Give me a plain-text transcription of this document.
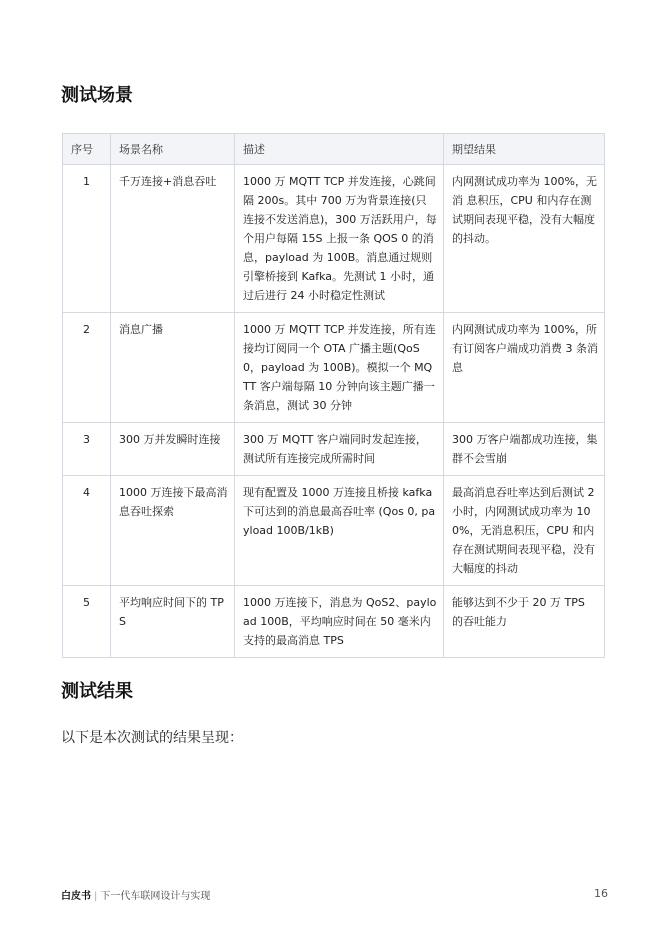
测试场景
序号	场景名称	描述	期望结果
1	千万连接+消息吞吐	1000 万 MQTT TCP 并发连接，心跳间隔 200s。其中 700 万为背景连接(只连接不发送消息)，300 万活跃用户，每个用户每隔 15S 上报一条 QOS 0 的消息，payload 为 100B。消息通过规则引擎桥接到 Kafka。先测试 1 小时，通过后进行 24 小时稳定性测试	内网测试成功率为 100%，无消 息积压，CPU 和内存在测试期间表现平稳，没有大幅度的抖动。
2	消息广播	1000 万 MQTT TCP 并发连接，所有连 接均订阅同一个 OTA 广播主题(QoS 0，payload 为 100B)。模拟一个 MQTT 客户端每隔 10 分钟向该主题广播一条消息，测试 30 分钟	内网测试成功率为 100%，所有订阅客户端成功消费 3 条消息
3	300 万并发瞬时连接	300 万 MQTT 客户端同时发起连接，测试所有连接完成所需时间	300 万客户端都成功连接，集群不会雪崩
4	1000 万连接下最高消息吞吐探索	现有配置及 1000 万连接且桥接 kafka 下可达到的消息最高吞吐率 (Qos 0, payload 100B/1kB)	最高消息吞吐率达到后测试 2 小时，内网测试成功率为 100%，无消息积压，CPU 和内 存在测试期间表现平稳，没有大幅度的抖动
5	平均响应时间下的 TPS	1000 万连接下，消息为 QoS2、payload 100B，平均响应时间在 50 毫米内支持的最高消息 TPS	能够达到不少于 20 万 TPS 的吞吐能力
测试结果
以下是本次测试的结果呈现：
白皮书 | 下一代车联网设计与实现	16
